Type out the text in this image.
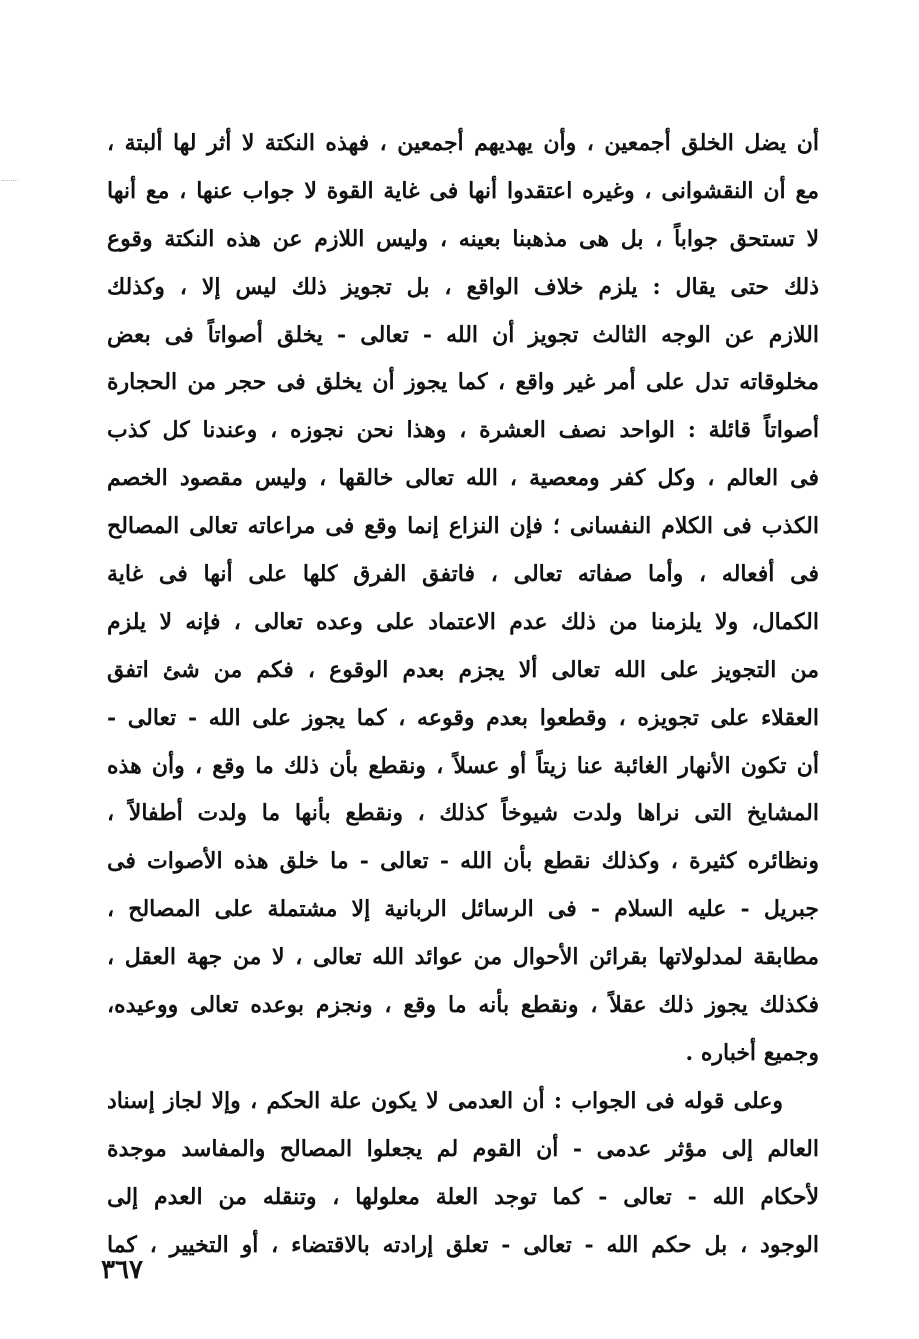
أن يضل الخلق أجمعين ، وأن يهديهم أجمعين ، فهذه النكتة لا أثر لها ألبتة ،
مع أن النقشوانى ، وغيره اعتقدوا أنها فى غاية القوة لا جواب عنها ، مع أنها
لا تستحق جواباً ، بل هى مذهبنا بعينه ، وليس اللازم عن هذه النكتة وقوع
ذلك حتى يقال : يلزم خلاف الواقع ، بل تجويز ذلك ليس إلا ، وكذلك
اللازم عن الوجه الثالث تجويز أن الله - تعالى - يخلق أصواتاً فى بعض
مخلوقاته تدل على أمر غير واقع ، كما يجوز أن يخلق فى حجر من الحجارة
أصواتاً قائلة : الواحد نصف العشرة ، وهذا نحن نجوزه ، وعندنا كل كذب
فى العالم ، وكل كفر ومعصية ، الله تعالى خالقها ، وليس مقصود الخصم
الكذب فى الكلام النفسانى ؛ فإن النزاع إنما وقع فى مراعاته تعالى المصالح
فى أفعاله ، وأما صفاته تعالى ، فاتفق الفرق كلها على أنها فى غاية
الكمال، ولا يلزمنا من ذلك عدم الاعتماد على وعده تعالى ، فإنه لا يلزم
من التجويز على الله تعالى ألا يجزم بعدم الوقوع ، فكم من شئ اتفق
العقلاء على تجويزه ، وقطعوا بعدم وقوعه ، كما يجوز على الله - تعالى -
أن تكون الأنهار الغائبة عنا زيتاً أو عسلاً ، ونقطع بأن ذلك ما وقع ، وأن هذه
المشايخ التى نراها ولدت شيوخاً كذلك ، ونقطع بأنها ما ولدت أطفالاً ،
ونظائره كثيرة ، وكذلك نقطع بأن الله - تعالى - ما خلق هذه الأصوات فى
جبريل - عليه السلام - فى الرسائل الربانية إلا مشتملة على المصالح ،
مطابقة لمدلولاتها بقرائن الأحوال من عوائد الله تعالى ، لا من جهة العقل ،
فكذلك يجوز ذلك عقلاً ، ونقطع بأنه ما وقع ، ونجزم بوعده تعالى ووعيده،
وجميع أخباره .
وعلى قوله فى الجواب : أن العدمى لا يكون علة الحكم ، وإلا لجاز إسناد
العالم إلى مؤثر عدمى - أن القوم لم يجعلوا المصالح والمفاسد موجدة
لأحكام الله - تعالى - كما توجد العلة معلولها ، وتنقله من العدم إلى
الوجود ، بل حكم الله - تعالى - تعلق إرادته بالاقتضاء ، أو التخيير ، كما
٣٦٧
